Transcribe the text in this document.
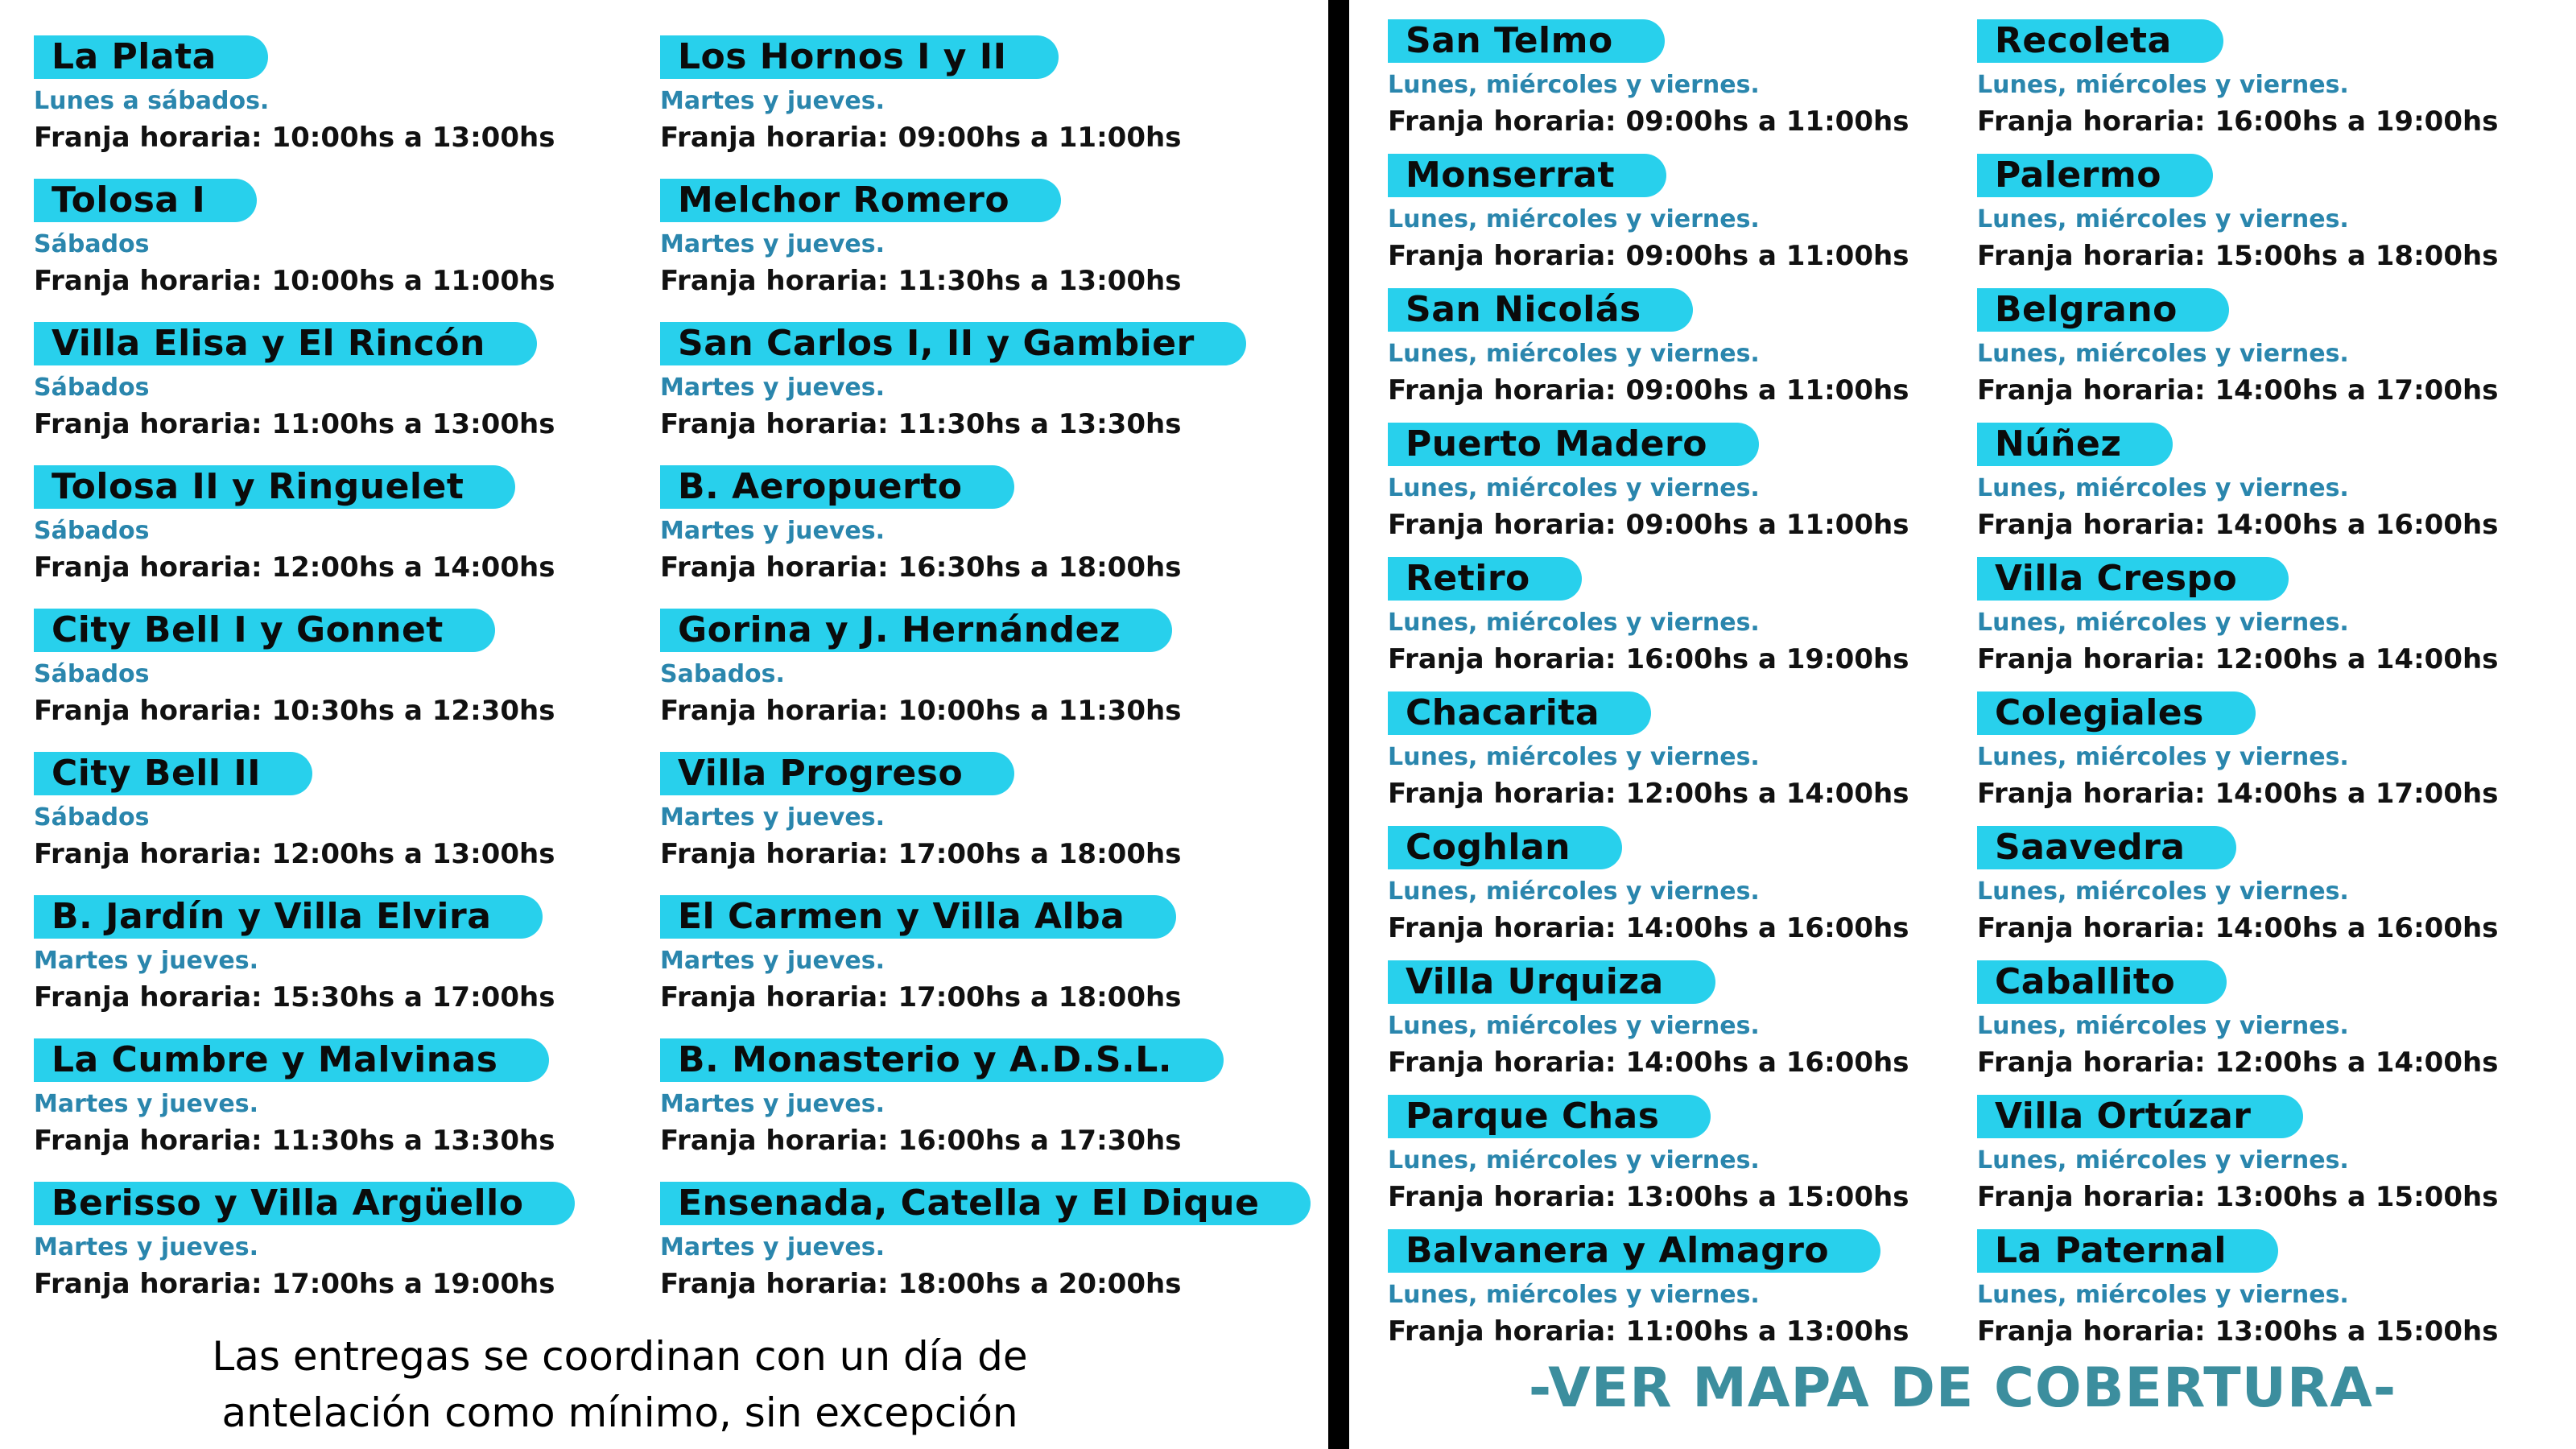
La Plata
Lunes a sábados.
Franja horaria: 10:00hs a 13:00hs
Tolosa I
Sábados
Franja horaria: 10:00hs a 11:00hs
Villa Elisa y El Rincón
Sábados
Franja horaria: 11:00hs a 13:00hs
Tolosa II y Ringuelet
Sábados
Franja horaria: 12:00hs a 14:00hs
City Bell I y Gonnet
Sábados
Franja horaria: 10:30hs a 12:30hs
City Bell II
Sábados
Franja horaria: 12:00hs a 13:00hs
B. Jardín y Villa Elvira
Martes y jueves.
Franja horaria: 15:30hs a 17:00hs
La Cumbre y Malvinas
Martes y jueves.
Franja horaria: 11:30hs a 13:30hs
Berisso y Villa Argüello
Martes y jueves.
Franja horaria: 17:00hs a 19:00hs
Los Hornos I y II
Martes y jueves.
Franja horaria: 09:00hs a 11:00hs
Melchor Romero
Martes y jueves.
Franja horaria: 11:30hs a 13:00hs
San Carlos I, II y Gambier
Martes y jueves.
Franja horaria: 11:30hs a 13:30hs
B. Aeropuerto
Martes y jueves.
Franja horaria: 16:30hs a 18:00hs
Gorina y J. Hernández
Sabados.
Franja horaria: 10:00hs a 11:30hs
Villa Progreso
Martes y jueves.
Franja horaria: 17:00hs a 18:00hs
El Carmen y Villa Alba
Martes y jueves.
Franja horaria: 17:00hs a 18:00hs
B. Monasterio y A.D.S.L.
Martes y jueves.
Franja horaria: 16:00hs a 17:30hs
Ensenada, Catella y El Dique
Martes y jueves.
Franja horaria: 18:00hs a 20:00hs
Las entregas se coordinan con un día de
antelación como mínimo, sin excepción
San Telmo
Lunes, miércoles y viernes.
Franja horaria: 09:00hs a 11:00hs
Monserrat
Lunes, miércoles y viernes.
Franja horaria: 09:00hs a 11:00hs
San Nicolás
Lunes, miércoles y viernes.
Franja horaria: 09:00hs a 11:00hs
Puerto Madero
Lunes, miércoles y viernes.
Franja horaria: 09:00hs a 11:00hs
Retiro
Lunes, miércoles y viernes.
Franja horaria: 16:00hs a 19:00hs
Chacarita
Lunes, miércoles y viernes.
Franja horaria: 12:00hs a 14:00hs
Coghlan
Lunes, miércoles y viernes.
Franja horaria: 14:00hs a 16:00hs
Villa Urquiza
Lunes, miércoles y viernes.
Franja horaria: 14:00hs a 16:00hs
Parque Chas
Lunes, miércoles y viernes.
Franja horaria: 13:00hs a 15:00hs
Balvanera y Almagro
Lunes, miércoles y viernes.
Franja horaria: 11:00hs a 13:00hs
Recoleta
Lunes, miércoles y viernes.
Franja horaria: 16:00hs a 19:00hs
Palermo
Lunes, miércoles y viernes.
Franja horaria: 15:00hs a 18:00hs
Belgrano
Lunes, miércoles y viernes.
Franja horaria: 14:00hs a 17:00hs
Núñez
Lunes, miércoles y viernes.
Franja horaria: 14:00hs a 16:00hs
Villa Crespo
Lunes, miércoles y viernes.
Franja horaria: 12:00hs a 14:00hs
Colegiales
Lunes, miércoles y viernes.
Franja horaria: 14:00hs a 17:00hs
Saavedra
Lunes, miércoles y viernes.
Franja horaria: 14:00hs a 16:00hs
Caballito
Lunes, miércoles y viernes.
Franja horaria: 12:00hs a 14:00hs
Villa Ortúzar
Lunes, miércoles y viernes.
Franja horaria: 13:00hs a 15:00hs
La Paternal
Lunes, miércoles y viernes.
Franja horaria: 13:00hs a 15:00hs
-VER MAPA DE COBERTURA-
